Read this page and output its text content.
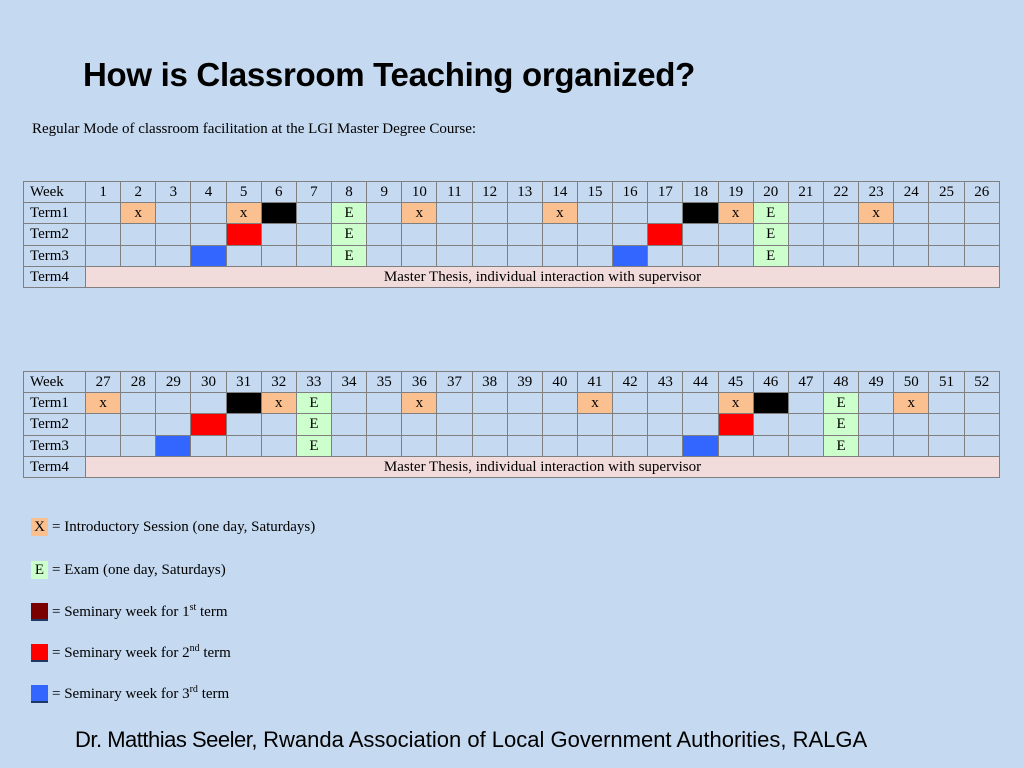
How is Classroom Teaching organized?
Regular Mode of classroom facilitation at the LGI Master Degree Course:
Week	1	2	3	4	5	6	7	8	9	10	11	12	13	14	15	16	17	18	19	20	21	22	23	24	25	26
Term1		x			x			E		x				x					x	E			x			
Term2								E												E						
Term3								E												E						
Term4	Master Thesis, individual interaction with supervisor																									
Week	27	28	29	30	31	32	33	34	35	36	37	38	39	40	41	42	43	44	45	46	47	48	49	50	51	52
Term1	x					x	E			x					x				x			E		x		
Term2							E															E				
Term3							E															E				
Term4	Master Thesis, individual interaction with supervisor																									
X = Introductory Session (one day, Saturdays)
E = Exam (one day, Saturdays)
= Seminary week for 1st term
= Seminary week for 2nd term
= Seminary week for 3rd term
Dr. Matthias Seeler, Rwanda Association of Local Government Authorities, RALGA
